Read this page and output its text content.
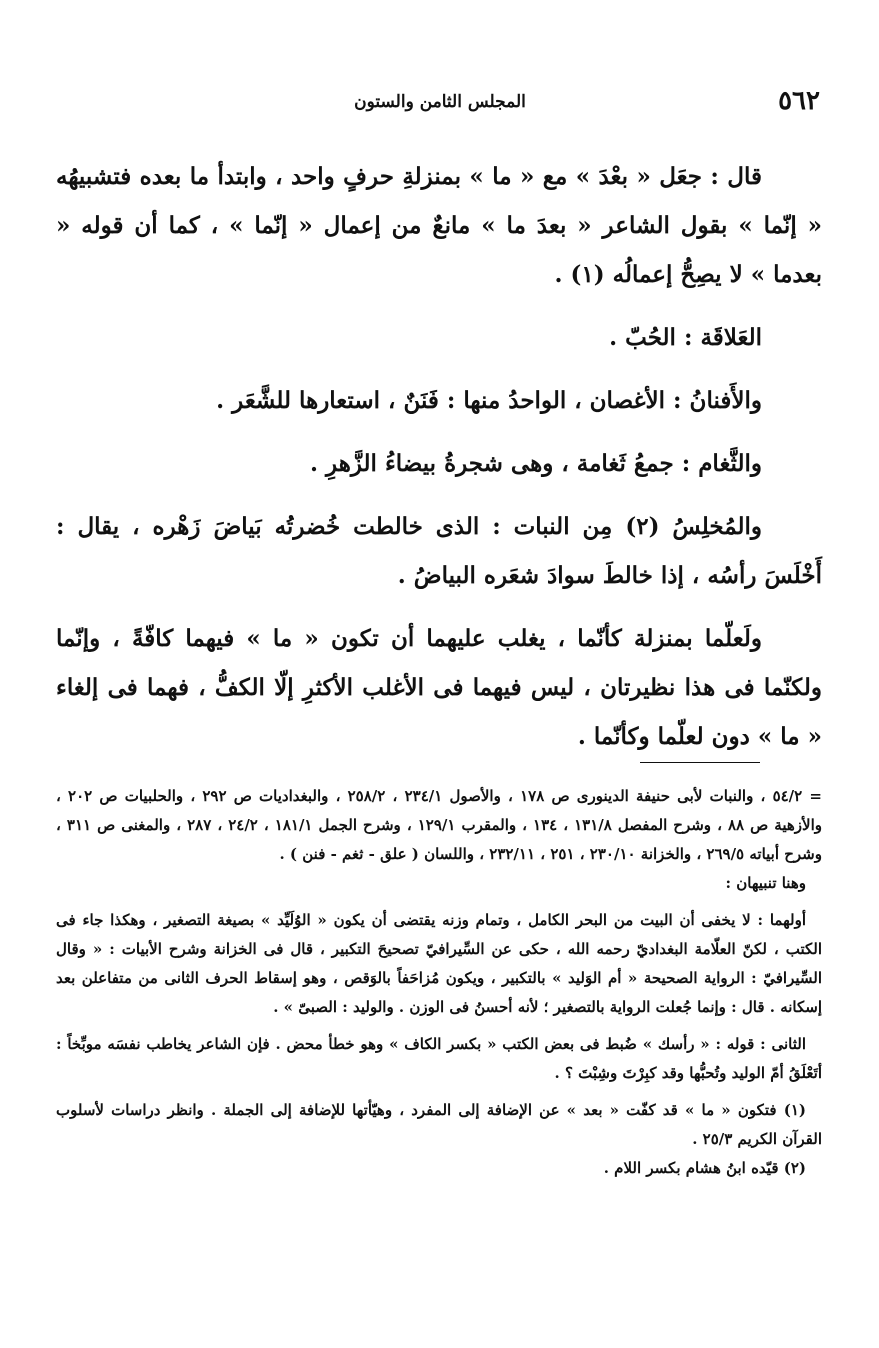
٥٦٢
المجلس الثامن والستون

قال : جعَل « بعْدَ » مع « ما » بمنزلةِ حرفٍ واحد ، وابتدأ ما بعده فتشبيهُه « إنّما » بقول الشاعر « بعدَ ما » مانعٌ من إعمال « إنّما » ، كما أن قوله « بعدما » لا يصِحُّ إعمالُه (١) .

العَلاقَة : الحُبّ .

والأَفنانُ : الأغصان ، الواحدُ منها : فَنَنٌ ، استعارها للشَّعَر .

والثَّغام : جمعُ ثَغامة ، وهى شجرةُ بيضاءُ الزَّهرِ .

والمُخلِسُ (٢) مِن النبات : الذى خالطت خُضرتُه بَياضَ زَهْره ، يقال : أَخْلَسَ رأسُه ، إذا خالطَ سوادَ شعَره البياضُ .

ولَعلّما بمنزلة كأنّما ، يغلب عليهما أن تكون « ما » فيهما كافّةً ، وإنّما ولكنّما فى هذا نظيرتان ، ليس فيهما فى الأغلب الأكثرِ إلّا الكفُّ ، فهما فى إلغاء « ما » دون لعلّما وكأنّما .

= ٥٤/٢ ، والنبات لأبى حنيفة الدينورى ص ١٧٨ ، والأصول ٢٣٤/١ ، ٢٥٨/٢ ، والبغداديات ص ٢٩٢ ، والحلبيات ص ٢٠٢ ، والأزهية ص ٨٨ ، وشرح المفصل ١٣١/٨ ، ١٣٤ ، والمقرب ١٢٩/١ ، وشرح الجمل ١٨١/١ ، ٢٤/٢ ، ٢٨٧ ، والمغنى ص ٣١١ ، وشرح أبياته ٢٦٩/٥ ، والخزانة ٢٣٠/١٠ ، ٢٥١ ، ٢٣٢/١١ ، واللسان ( علق - ثغم - فنن ) .

وهنا تنبيهان :

أولهما : لا يخفى أن البيت من البحر الكامل ، وتمام وزنه يقتضى أن يكون « الوُلَيِّد » بصيغة التصغير ، وهكذا جاء فى الكتب ، لكنّ العلّامة البغداديّ رحمه الله ، حكى عن السِّيرافيّ تصحيحَ التكبير ، قال فى الخزانة وشرح الأبيات : « وقال السِّيرافيّ : الرواية الصحيحة « أم الوَليد » بالتكبير ، ويكون مُزاحَفاً بالوَقص ، وهو إسقاط الحرف الثانى من متفاعلن بعد إسكانه . قال : وإنما جُعلت الرواية بالتصغير ؛ لأنه أحسنُ فى الوزن . والوليد : الصبىّ » .

الثانى : قوله : « رأسك » ضُبط فى بعض الكتب « بكسر الكاف » وهو خطأ محض . فإن الشاعر يخاطب نفسَه موبِّخاً : أتَعْلَقُ أمّ الوليد وتُحبُّها وقد كبِرْتَ وشِبْتَ ؟ .

(١) فتكون « ما » قد كفّت « بعد » عن الإضافة إلى المفرد ، وهيّأتها للإضافة إلى الجملة . وانظر دراسات لأسلوب القرآن الكريم ٢٥/٣ .

(٢) قيّده ابنُ هشام بكسر اللام .
